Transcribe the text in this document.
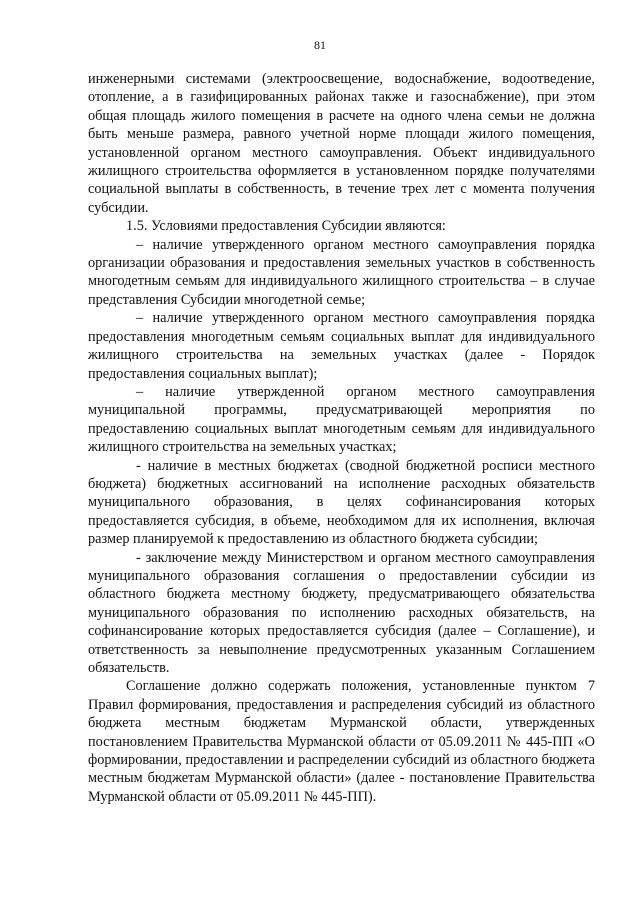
81

инженерными системами (электроосвещение, водоснабжение, водоотведение, отопление, а в газифицированных районах также и газоснабжение), при этом общая площадь жилого помещения в расчете на одного члена семьи не должна быть меньше размера, равного учетной норме площади жилого помещения, установленной органом местного самоуправления. Объект индивидуального жилищного строительства оформляется в установленном порядке получателями социальной выплаты в собственность, в течение трех лет с момента получения субсидии.

1.5. Условиями предоставления Субсидии являются:

– наличие утвержденного органом местного самоуправления порядка организации образования и предоставления земельных участков в собственность многодетным семьям для индивидуального жилищного строительства – в случае представления Субсидии многодетной семье;

– наличие утвержденного органом местного самоуправления порядка предоставления многодетным семьям социальных выплат для индивидуального жилищного строительства на земельных участках (далее - Порядок предоставления социальных выплат);

– наличие утвержденной органом местного самоуправления муниципальной программы, предусматривающей мероприятия по предоставлению социальных выплат многодетным семьям для индивидуального жилищного строительства на земельных участках;

- наличие в местных бюджетах (сводной бюджетной росписи местного бюджета) бюджетных ассигнований на исполнение расходных обязательств муниципального образования, в целях софинансирования которых предоставляется субсидия, в объеме, необходимом для их исполнения, включая размер планируемой к предоставлению из областного бюджета субсидии;

- заключение между Министерством и органом местного самоуправления муниципального образования соглашения о предоставлении субсидии из областного бюджета местному бюджету, предусматривающего обязательства муниципального образования по исполнению расходных обязательств, на софинансирование которых предоставляется субсидия (далее – Соглашение), и ответственность за невыполнение предусмотренных указанным Соглашением обязательств.

Соглашение должно содержать положения, установленные пунктом 7 Правил формирования, предоставления и распределения субсидий из областного бюджета местным бюджетам Мурманской области, утвержденных постановлением Правительства Мурманской области от 05.09.2011 № 445-ПП «О формировании, предоставлении и распределении субсидий из областного бюджета местным бюджетам Мурманской области» (далее - постановление Правительства Мурманской области от 05.09.2011 № 445-ПП).
